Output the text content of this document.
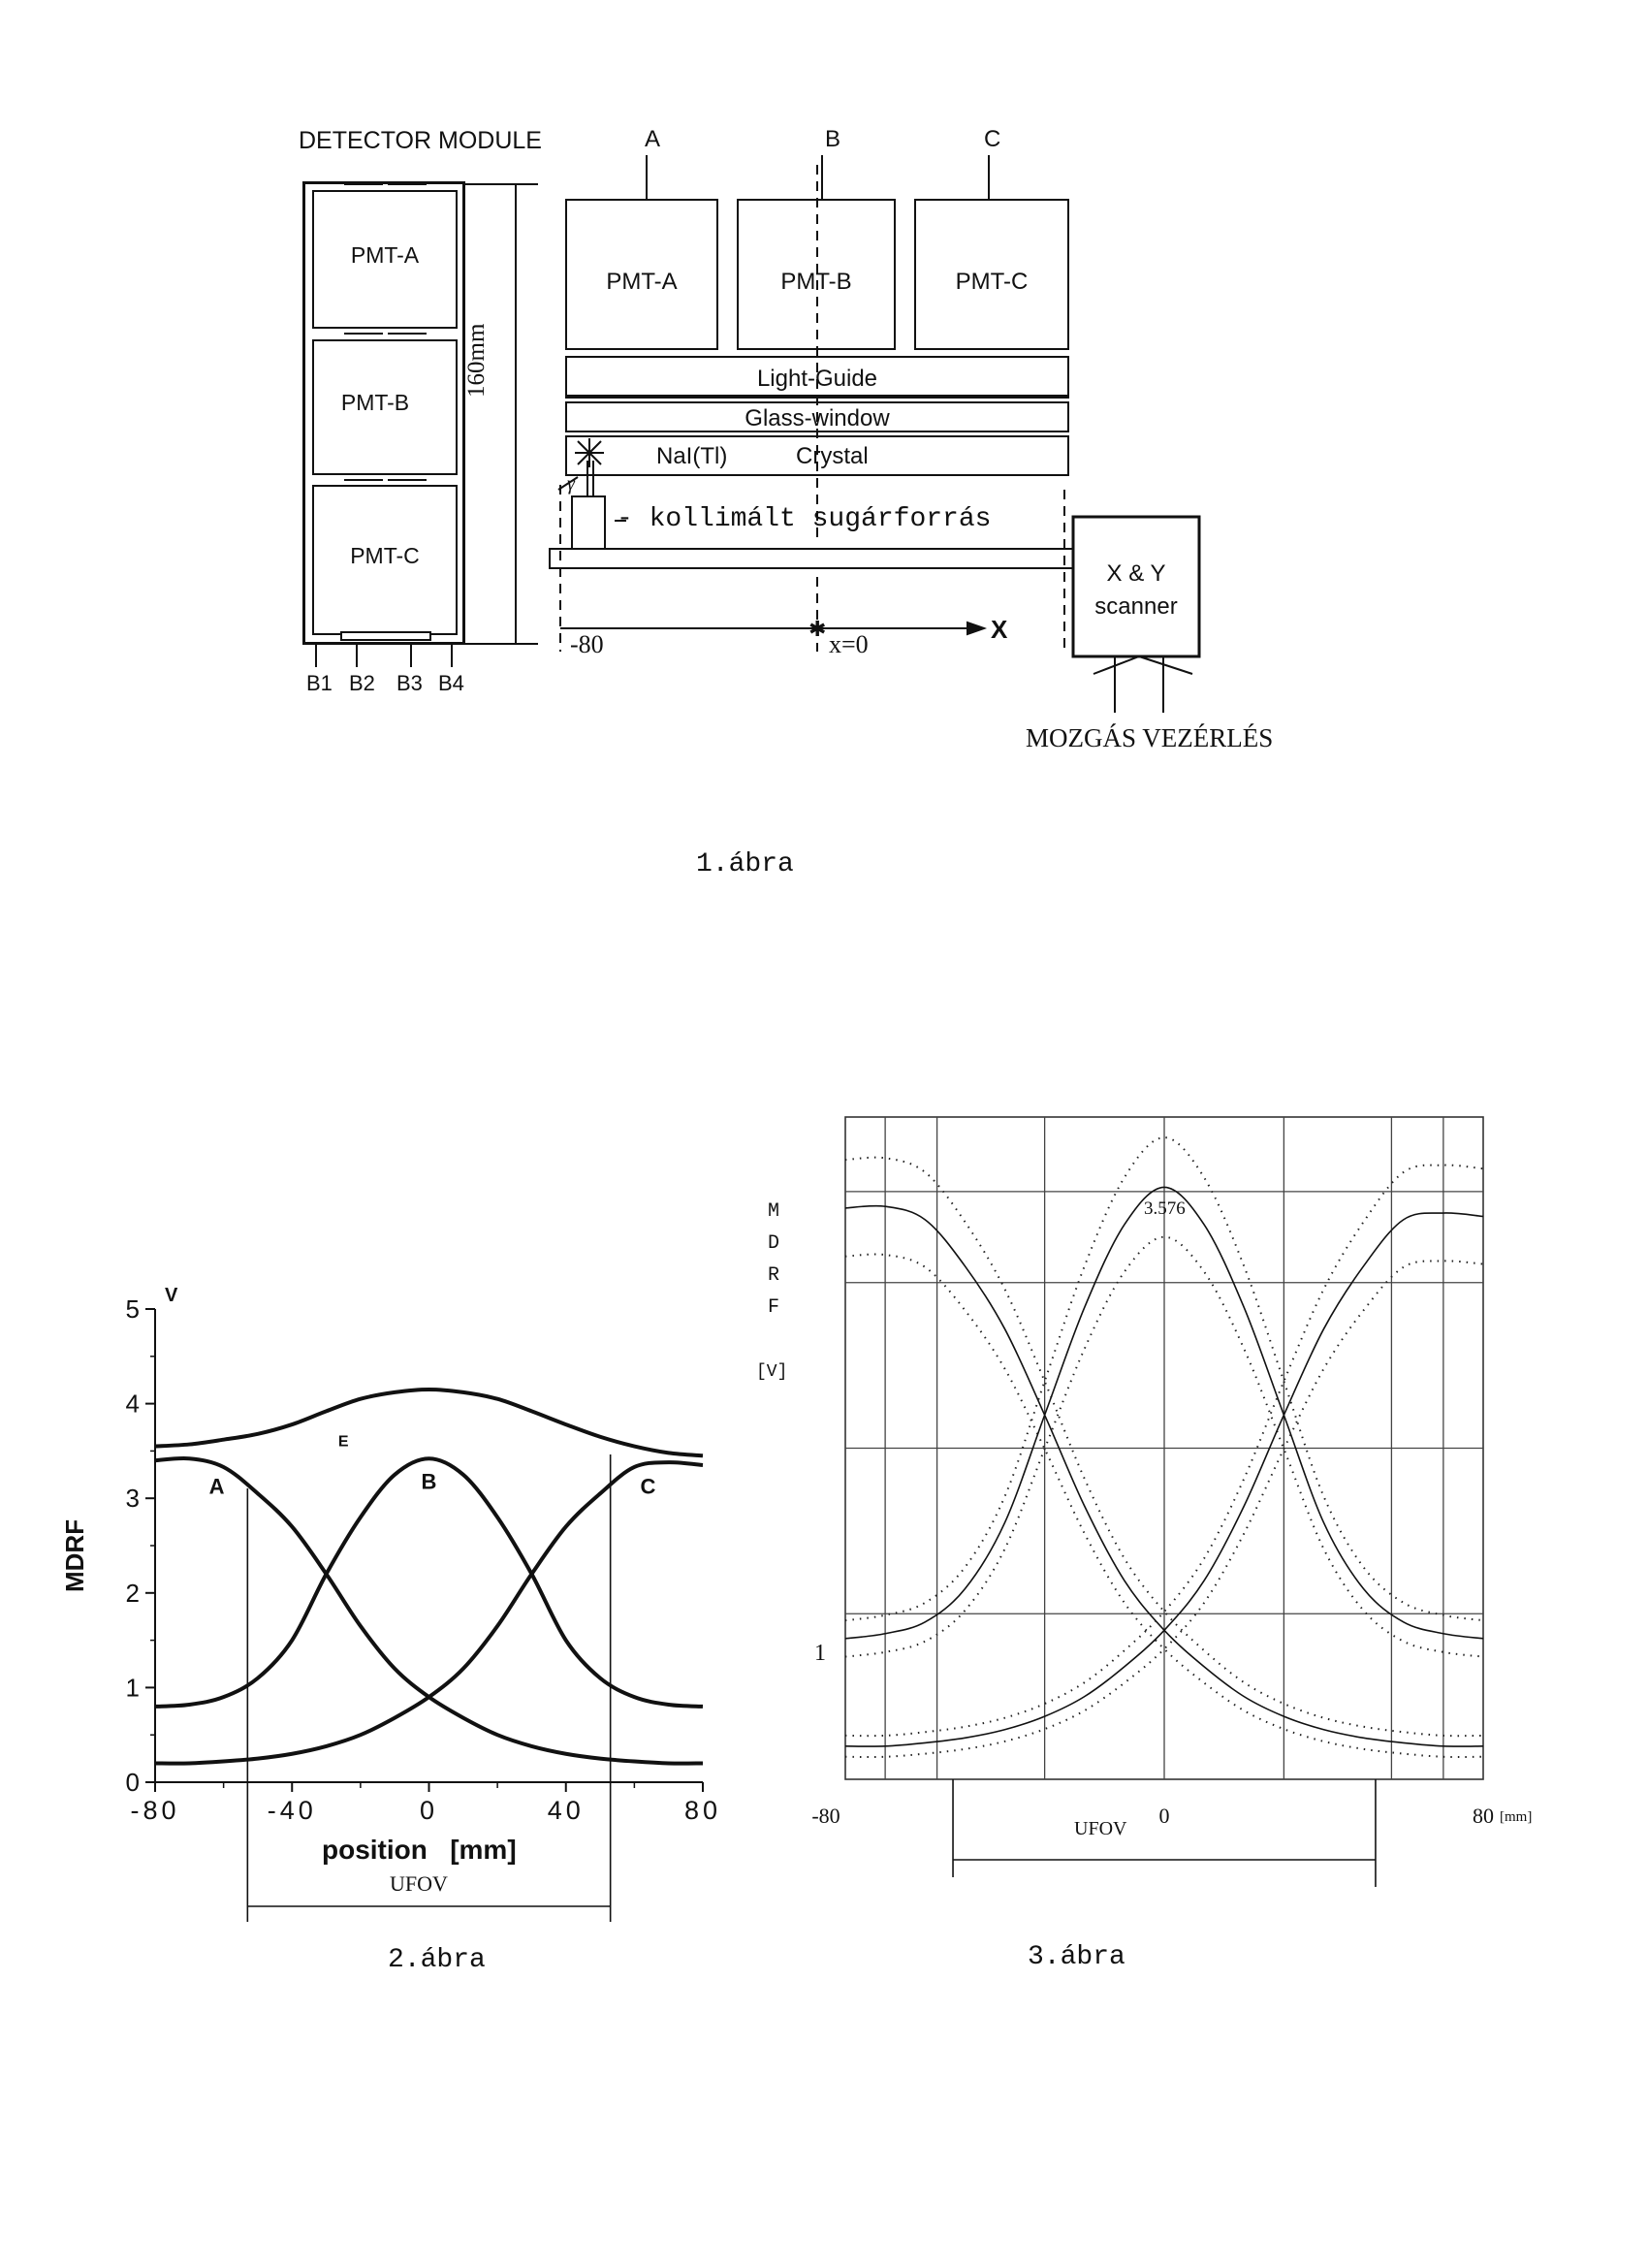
DETECTOR MODULE
PMT-A
PMT-B
PMT-C
γ
160mm
B1 B2 B3 B4
A	B	C
PMT-A	PMT-B	PMT-C
Light-Guide
Glass-window
NaI(Tl)	Crystal
- kollimált sugárforrás
-80	x=0
X
✱
X & Y
scanner
MOZGÁS VEZÉRLÉS
1.ábra
0
1
2
3
4
5
-80	-40	0	40	80
A	B	C
E
V
MDRF
position   [mm]
UFOV
2.ábra
-80	0	80
M
D
R
F
[V]
1
3.576
[mm]
UFOV
3.ábra
